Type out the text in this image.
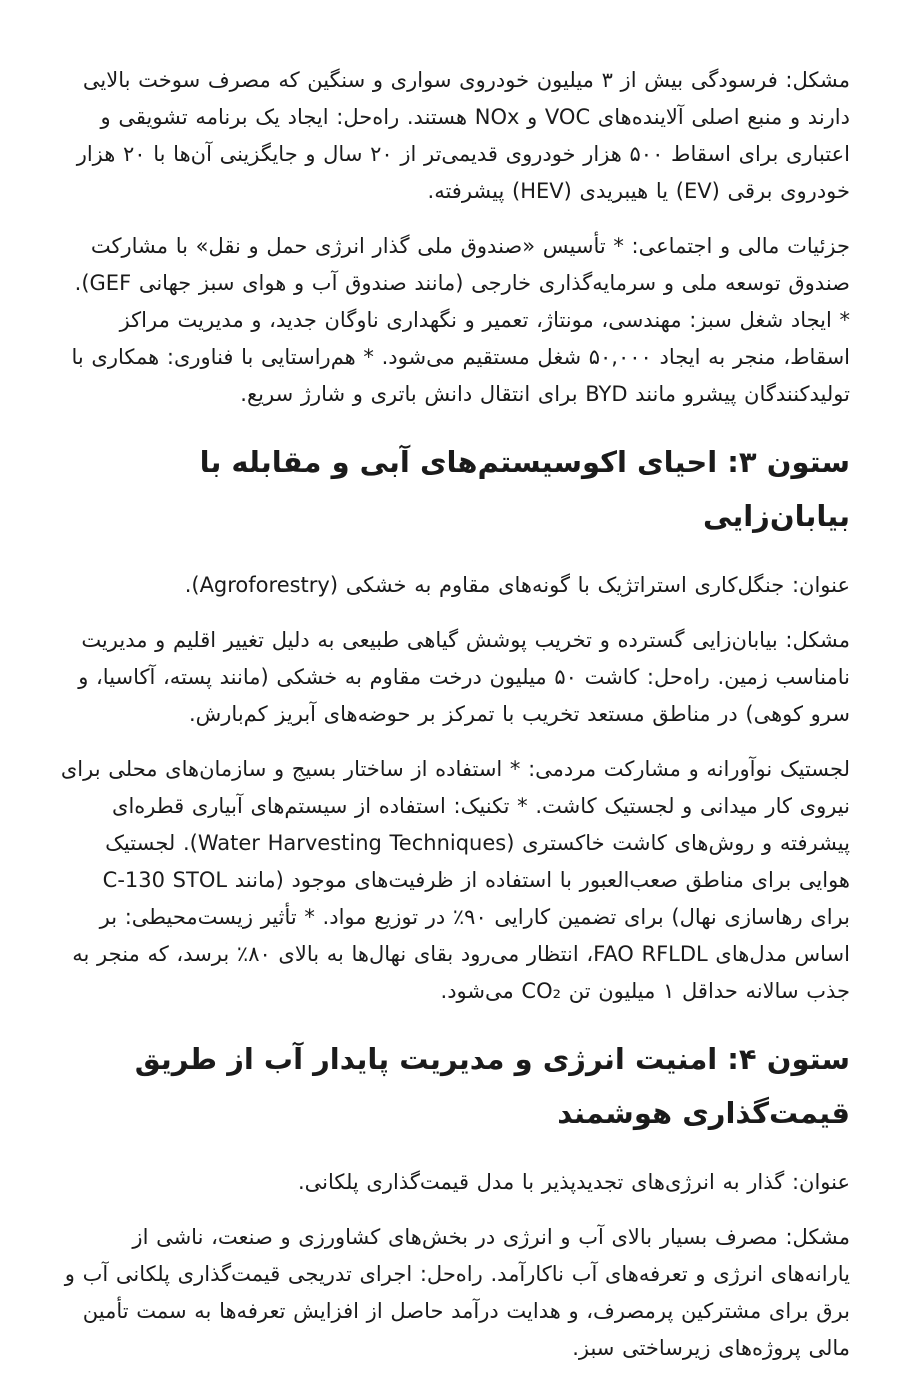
مشکل: فرسودگی بیش از ۳ میلیون خودروی سواری و سنگین که مصرف سوخت بالایی دارند و منبع اصلی آلاینده‌های VOC و NOx هستند. راه‌حل: ایجاد یک برنامه تشویقی و اعتباری برای اسقاط ۵۰۰ هزار خودروی قدیمی‌تر از ۲۰ سال و جایگزینی آن‌ها با ۲۰ هزار خودروی برقی (EV) یا هیبریدی (HEV) پیشرفته.

جزئیات مالی و اجتماعی: * تأسیس «صندوق ملی گذار انرژی حمل و نقل» با مشارکت صندوق توسعه ملی و سرمایه‌گذاری خارجی (مانند صندوق آب و هوای سبز جهانی GEF). * ایجاد شغل سبز: مهندسی، مونتاژ، تعمیر و نگهداری ناوگان جدید، و مدیریت مراکز اسقاط، منجر به ایجاد ۵۰,۰۰۰ شغل مستقیم می‌شود. * هم‌راستایی با فناوری: همکاری با تولیدکنندگان پیشرو مانند BYD برای انتقال دانش باتری و شارژ سریع.

ستون ۳: احیای اکوسیستم‌های آبی و مقابله با بیابان‌زایی

عنوان: جنگل‌کاری استراتژیک با گونه‌های مقاوم به خشکی (Agroforestry).

مشکل: بیابان‌زایی گسترده و تخریب پوشش گیاهی طبیعی به دلیل تغییر اقلیم و مدیریت نامناسب زمین. راه‌حل: کاشت ۵۰ میلیون درخت مقاوم به خشکی (مانند پسته، آکاسیا، و سرو کوهی) در مناطق مستعد تخریب با تمرکز بر حوضه‌های آبریز کم‌بارش.

لجستیک نوآورانه و مشارکت مردمی: * استفاده از ساختار بسیج و سازمان‌های محلی برای نیروی کار میدانی و لجستیک کاشت. * تکنیک: استفاده از سیستم‌های آبیاری قطره‌ای پیشرفته و روش‌های کاشت خاکستری (Water Harvesting Techniques). لجستیک هوایی برای مناطق صعب‌العبور با استفاده از ظرفیت‌های موجود (مانند C-130 STOL برای رهاسازی نهال) برای تضمین کارایی ۹۰٪ در توزیع مواد. * تأثیر زیست‌محیطی: بر اساس مدل‌های FAO RFLDL، انتظار می‌رود بقای نهال‌ها به بالای ۸۰٪ برسد، که منجر به جذب سالانه حداقل ۱ میلیون تن CO₂ می‌شود.

ستون ۴: امنیت انرژی و مدیریت پایدار آب از طریق قیمت‌گذاری هوشمند

عنوان: گذار به انرژی‌های تجدیدپذیر با مدل قیمت‌گذاری پلکانی.

مشکل: مصرف بسیار بالای آب و انرژی در بخش‌های کشاورزی و صنعت، ناشی از یارانه‌های انرژی و تعرفه‌های آب ناکارآمد. راه‌حل: اجرای تدریجی قیمت‌گذاری پلکانی آب و برق برای مشترکین پرمصرف، و هدایت درآمد حاصل از افزایش تعرفه‌ها به سمت تأمین مالی پروژه‌های زیرساختی سبز.
